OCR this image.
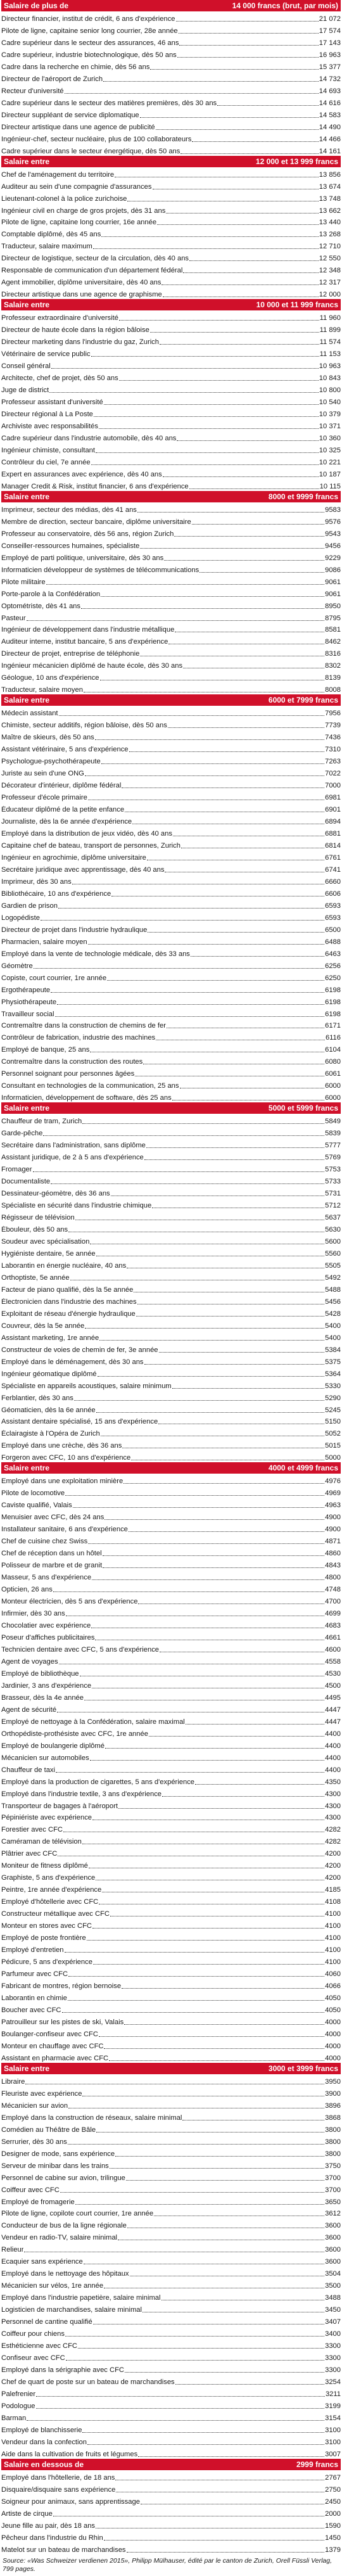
Salaire de plus de	14 000 francs (brut, par mois)
Directeur financier, institut de crédit, 6 ans d'expérience	21 072
Pilote de ligne, capitaine senior long courrier, 28e année	17 574
Cadre supérieur dans le secteur des assurances, 46 ans	17 143
Cadre supérieur, industrie biotechnologique, dès 50 ans	16 963
Cadre dans la recherche en chimie, dès 56 ans	15 377
Directeur de l'aéroport de Zurich	14 732
Recteur d'université	14 693
Cadre supérieur dans le secteur des matières premières, dès 30 ans	14 616
Directeur suppléant de service diplomatique	14 583
Directeur artistique dans une agence de publicité	14 490
Ingénieur-chef, secteur nucléaire, plus de 100 collaborateurs	14 466
Cadre supérieur dans le secteur énergétique, dès 50 ans	14 161
Salaire entre	12 000 et 13 999 francs
Chef de l'aménagement du territoire	13 856
Auditeur au sein d'une compagnie d'assurances	13 674
Lieutenant-colonel à la police zurichoise	13 748
Ingénieur civil en charge de gros projets, dès 31 ans	13 662
Pilote de ligne, capitaine long courrier, 16e année	13 440
Comptable diplômé, dès 45 ans	13 268
Traducteur, salaire maximum	12 710
Directeur de logistique, secteur de la circulation, dès 40 ans	12 550
Responsable de communication d'un département fédéral	12 348
Agent immobilier, diplôme universitaire, dès 40 ans	12 317
Directeur artistique dans une agence de graphisme	12 000
Salaire entre	10 000 et 11 999 francs
Professeur extraordinaire d'université	11 960
Directeur de haute école dans la région bâloise	11 899
Directeur marketing dans l'industrie du gaz, Zurich	11 574
Vétérinaire de service public	11 153
Conseil général	10 963
Architecte, chef de projet, dès 50 ans	10 843
Juge de district	10 800
Professeur assistant d'université	10 540
Directeur régional à La Poste	10 379
Archiviste avec responsabilités	10 371
Cadre supérieur dans l'industrie automobile, dès 40 ans	10 360
Ingénieur chimiste, consultant	10 325
Contrôleur du ciel, 7e année	10 221
Expert en assurances avec expérience, dès 40 ans	10 187
Manager Credit & Risk, institut financier, 6 ans d'expérience	10 115
Salaire entre	8000 et 9999 francs
Imprimeur, secteur des médias, dès 41 ans	9583
Membre de direction, secteur bancaire, diplôme universitaire	9576
Professeur au conservatoire, dès 56 ans, région Zurich	9543
Conseiller-ressources humaines, spécialiste	9456
Employé de parti politique, universitaire, dès 30 ans	9229
Informaticien développeur de systèmes de télécommunications	9086
Pilote militaire	9061
Porte-parole à la Confédération	9061
Optométriste, dès 41 ans	8950
Pasteur	8795
Ingénieur de développement dans l'industrie métallique	8581
Auditeur interne, institut bancaire, 5 ans d'expérience	8462
Directeur de projet, entreprise de téléphonie	8316
Ingénieur mécanicien diplômé de haute école, dès 30 ans	8302
Géologue, 10 ans d'expérience	8139
Traducteur, salaire moyen	8008
Salaire entre	6000 et 7999 francs
Médecin assistant	7956
Chimiste, secteur additifs, région bâloise, dès 50 ans	7739
Maître de skieurs, dès 50 ans	7436
Assistant vétérinaire, 5 ans d'expérience	7310
Psychologue-psychothérapeute	7263
Juriste au sein d'une ONG	7022
Décorateur d'intérieur, diplôme fédéral	7000
Professeur d'école primaire	6981
Éducateur diplômé de la petite enfance	6901
Journaliste, dès la 6e année d'expérience	6894
Employé dans la distribution de jeux vidéo, dès 40 ans	6881
Capitaine chef de bateau, transport de personnes, Zurich	6814
Ingénieur en agrochimie, diplôme universitaire	6761
Secrétaire juridique avec apprentissage, dès 40 ans	6741
Imprimeur, dès 30 ans	6660
Bibliothécaire, 10 ans d'expérience	6606
Gardien de prison	6593
Logopédiste	6593
Directeur de projet dans l'industrie hydraulique	6500
Pharmacien, salaire moyen	6488
Employé dans la vente de technologie médicale, dès 33 ans	6463
Géomètre	6256
Copiste, court courrier, 1re année	6250
Ergothérapeute	6198
Physiothérapeute	6198
Travailleur social	6198
Contremaître dans la construction de chemins de fer	6171
Contrôleur de fabrication, industrie des machines	6116
Employé de banque, 25 ans	6104
Contremaître dans la construction des routes	6080
Personnel soignant pour personnes âgées	6061
Consultant en technologies de la communication, 25 ans	6000
Informaticien, développement de software, dès 25 ans	6000
Salaire entre	5000 et 5999 francs
Chauffeur de tram, Zurich	5849
Garde-pêche	5839
Secrétaire dans l'administration, sans diplôme	5777
Assistant juridique, de 2 à 5 ans d'expérience	5769
Fromager	5753
Documentaliste	5733
Dessinateur-géomètre, dès 36 ans	5731
Spécialiste en sécurité dans l'industrie chimique	5712
Régisseur de télévision	5637
Ébouleur, dès 50 ans	5630
Soudeur avec spécialisation	5600
Hygiéniste dentaire, 5e année	5560
Laborantin en énergie nucléaire, 40 ans	5505
Orthoptiste, 5e année	5492
Facteur de piano qualifié, dès la 5e année	5488
Électronicien dans l'industrie des machines	5456
Exploitant de réseau d'énergie hydraulique	5428
Couvreur, dès la 5e année	5400
Assistant marketing, 1re année	5400
Constructeur de voies de chemin de fer, 3e année	5384
Employé dans le déménagement, dès 30 ans	5375
Ingénieur géomatique diplômé	5364
Spécialiste en appareils acoustiques, salaire minimum	5330
Ferblantier, dès 30 ans	5290
Géomaticien, dès la 6e année	5245
Assistant dentaire spécialisé, 15 ans d'expérience	5150
Éclairagiste à l'Opéra de Zurich	5052
Employé dans une crèche, dès 36 ans	5015
Forgeron avec CFC, 10 ans d'expérience	5000
Salaire entre	4000 et 4999 francs
Employé dans une exploitation minière	4976
Pilote de locomotive	4969
Caviste qualifié, Valais	4963
Menuisier avec CFC, dès 24 ans	4900
Installateur sanitaire, 6 ans d'expérience	4900
Chef de cuisine chez Swiss	4871
Chef de réception dans un hôtel	4860
Polisseur de marbre et de granit	4843
Masseur, 5 ans d'expérience	4800
Opticien, 26 ans	4748
Monteur électricien, dès 5 ans d'expérience	4700
Infirmier, dès 30 ans	4699
Chocolatier avec expérience	4683
Poseur d'affiches publicitaires	4661
Technicien dentaire avec CFC, 5 ans d'expérience	4600
Agent de voyages	4558
Employé de bibliothèque	4530
Jardinier, 3 ans d'expérience	4500
Brasseur, dès la 4e année	4495
Agent de sécurité	4447
Employé de nettoyage à la Confédération, salaire maximal	4447
Orthopédiste-prothésiste avec CFC, 1re année	4400
Employé de boulangerie diplômé	4400
Mécanicien sur automobiles	4400
Chauffeur de taxi	4400
Employé dans la production de cigarettes, 5 ans d'expérience	4350
Employé dans l'industrie textile, 3 ans d'expérience	4300
Transporteur de bagages à l'aéroport	4300
Pépiniériste avec expérience	4300
Forestier avec CFC	4282
Caméraman de télévision	4282
Plâtrier avec CFC	4200
Moniteur de fitness diplômé	4200
Graphiste, 5 ans d'expérience	4200
Peintre, 1re année d'expérience	4185
Employé d'hôtellerie avec CFC	4108
Constructeur métallique avec CFC	4100
Monteur en stores avec CFC	4100
Employé de poste frontière	4100
Employé d'entretien	4100
Pédicure, 5 ans d'expérience	4100
Parfumeur avec CFC	4060
Fabricant de montres, région bernoise	4066
Laborantin en chimie	4050
Boucher avec CFC	4050
Patrouilleur sur les pistes de ski, Valais	4000
Boulanger-confiseur avec CFC	4000
Monteur en chauffage avec CFC	4000
Assistant en pharmacie avec CFC	4000
Salaire entre	3000 et 3999 francs
Libraire	3950
Fleuriste avec expérience	3900
Mécanicien sur avion	3896
Employé dans la construction de réseaux, salaire minimal	3868
Comédien au Théâtre de Bâle	3800
Serrurier, dès 30 ans	3800
Designer de mode, sans expérience	3800
Serveur de minibar dans les trains	3750
Personnel de cabine sur avion, trilingue	3700
Coiffeur avec CFC	3700
Employé de fromagerie	3650
Pilote de ligne, copilote court courrier, 1re année	3612
Conducteur de bus de la ligne régionale	3600
Vendeur en radio-TV, salaire minimal	3600
Relieur	3600
Ecaquier sans expérience	3600
Employé dans le nettoyage des hôpitaux	3504
Mécanicien sur vélos, 1re année	3500
Employé dans l'industrie papetière, salaire minimal	3488
Logisticien de marchandises, salaire minimal	3450
Personnel de cantine qualifié	3407
Coiffeur pour chiens	3400
Esthéticienne avec CFC	3300
Confiseur avec CFC	3300
Employé dans la sérigraphie avec CFC	3300
Chef de quart de poste sur un bateau de marchandises	3254
Palefrenier	3211
Podologue	3199
Barman	3154
Employé de blanchisserie	3100
Vendeur dans la confection	3100
Aide dans la cultivation de fruits et légumes	3007
Salaire en dessous de	2999 francs
Employé dans l'hôtellerie, de 18 ans	2767
Disquaire/disquaire sans expérience	2750
Soigneur pour animaux, sans apprentissage	2450
Artiste de cirque	2000
Jeune fille au pair, dès 18 ans	1590
Pêcheur dans l'industrie du Rhin	1450
Matelot sur un bateau de marchandises	1379
Source: «Was Schweizer verdienen 2015», Philipp Mülhauser, édité par le canton de Zurich, Orell Füssli Verlag, 799 pages.
